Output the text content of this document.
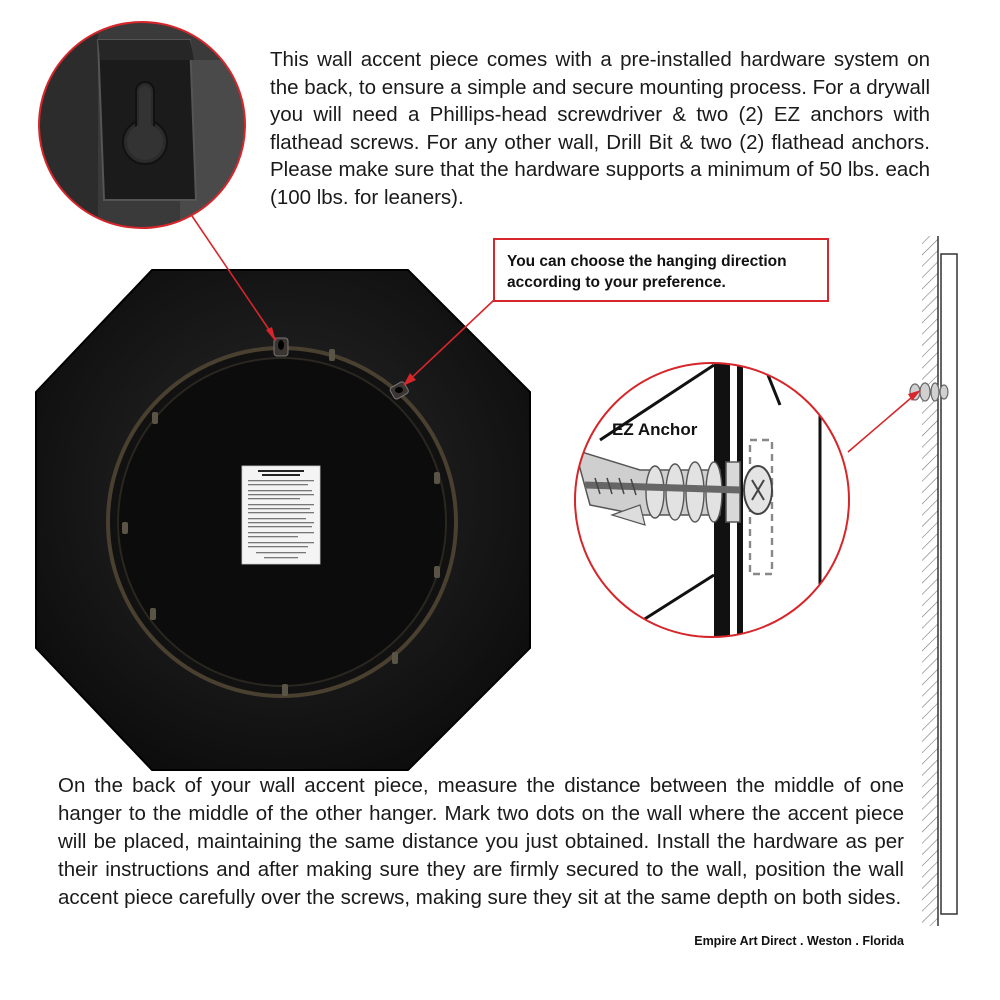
This wall accent piece comes with a pre-installed hardware system on the back, to ensure a simple and secure mounting process. For a drywall you will need a Phillips-head screwdriver & two (2) EZ anchors with flathead screws. For any other wall, Drill Bit & two (2) flathead anchors. Please make sure that the hardware supports a minimum of 50 lbs. each (100 lbs. for leaners).
You can choose the hanging direction according to your preference.
EZ Anchor
On the back of your wall accent piece, measure the distance between the middle of one hanger to the middle of the other hanger. Mark two dots on the wall where the accent piece will be placed, maintaining the same distance you just obtained. Install the hardware as per their instructions and after making sure they are firmly secured to the wall, position the wall accent piece carefully over the screws, making sure they sit at the same depth on both sides.
Empire Art Direct . Weston . Florida
